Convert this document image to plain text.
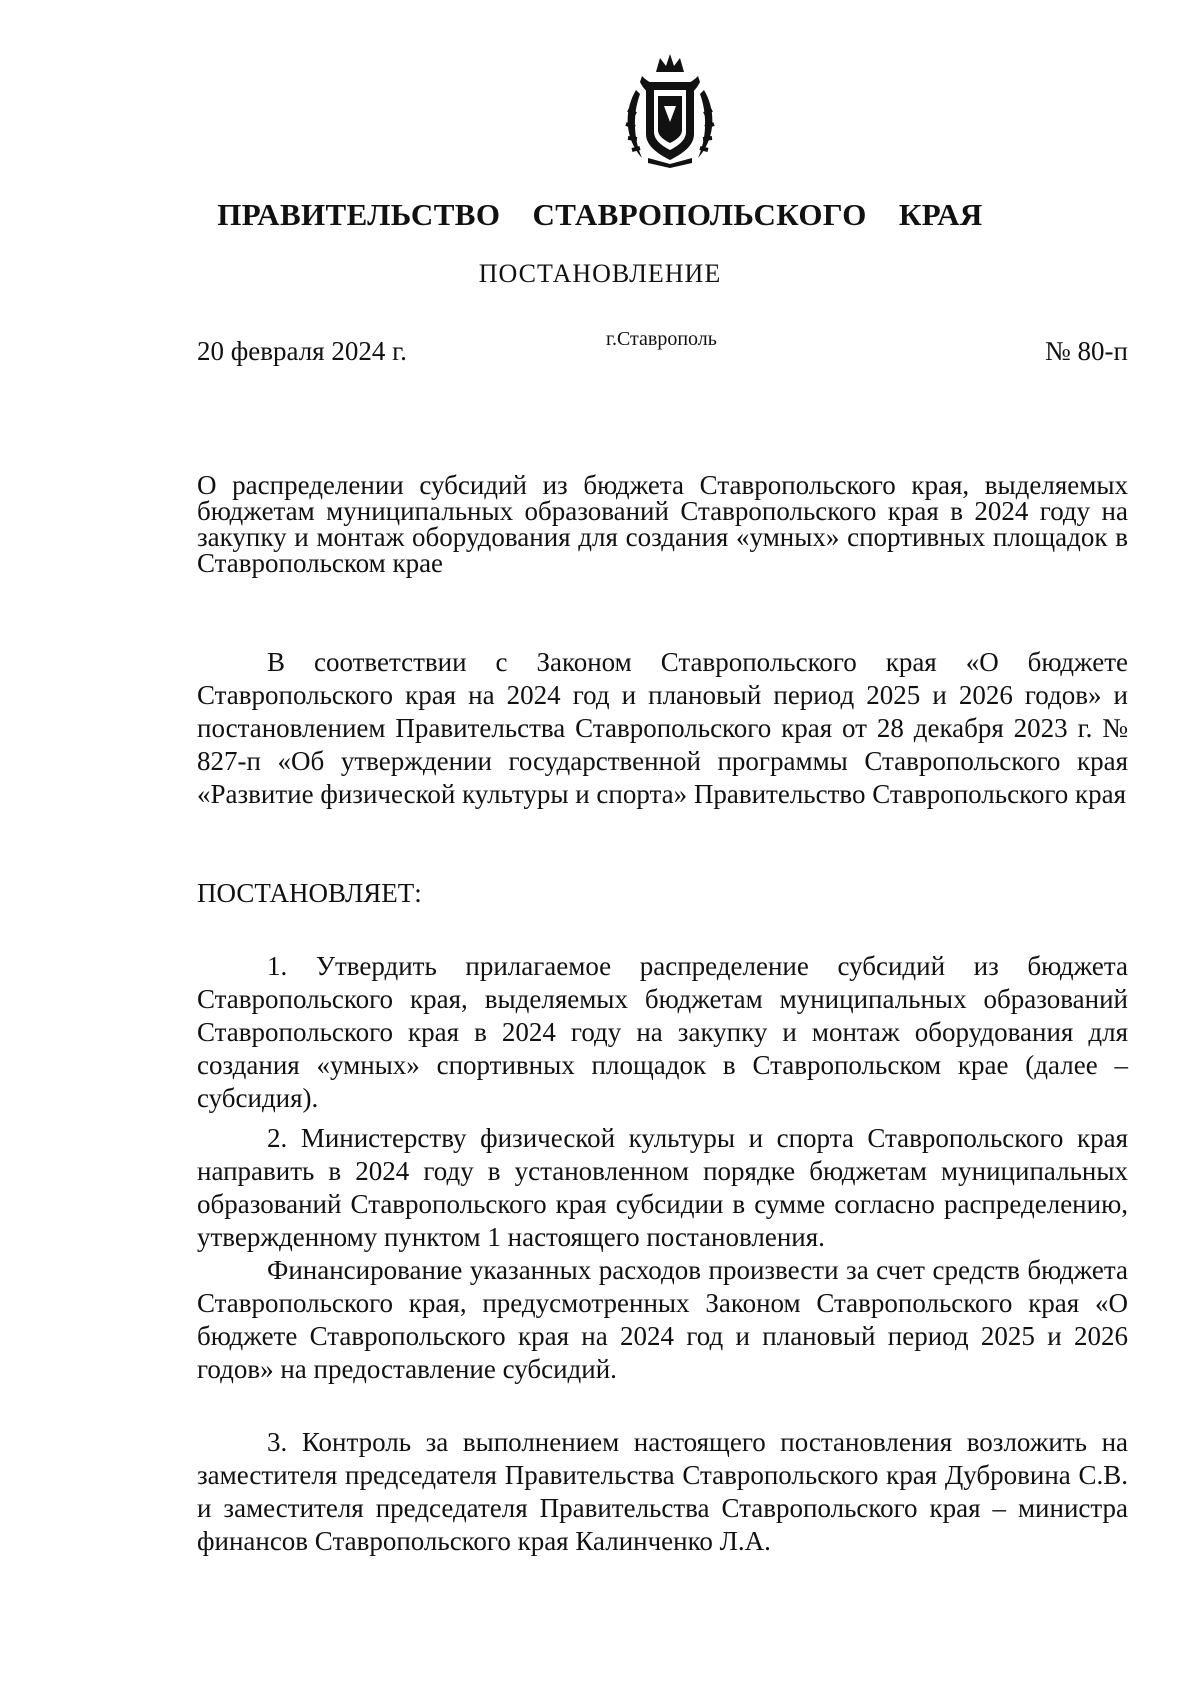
ПРАВИТЕЛЬСТВО СТАВРОПОЛЬСКОГО КРАЯ
ПОСТАНОВЛЕНИЕ
20 февраля 2024 г.	г.Ставрополь	№ 80-п
О распределении субсидий из бюджета Ставропольского края, выделяемых бюджетам муниципальных образований Ставропольского края в 2024 году на закупку и монтаж оборудования для создания «умных» спортивных площадок в Ставропольском крае

В соответствии с Законом Ставропольского края «О бюджете Ставропольского края на 2024 год и плановый период 2025 и 2026 годов» и постановлением Правительства Ставропольского края от 28 декабря 2023 г. № 827-п «Об утверждении государственной программы Ставропольского края «Развитие физической культуры и спорта» Правительство Ставропольского края

ПОСТАНОВЛЯЕТ:

1. Утвердить прилагаемое распределение субсидий из бюджета Ставропольского края, выделяемых бюджетам муниципальных образований Ставропольского края в 2024 году на закупку и монтаж оборудования для создания «умных» спортивных площадок в Ставропольском крае (далее – субсидия).

2. Министерству физической культуры и спорта Ставропольского края направить в 2024 году в установленном порядке бюджетам муниципальных образований Ставропольского края субсидии в сумме согласно распределению, утвержденному пунктом 1 настоящего постановления.

Финансирование указанных расходов произвести за счет средств бюджета Ставропольского края, предусмотренных Законом Ставропольского края «О бюджете Ставропольского края на 2024 год и плановый период 2025 и 2026 годов» на предоставление субсидий.

3. Контроль за выполнением настоящего постановления возложить на заместителя председателя Правительства Ставропольского края Дубровина С.В. и заместителя председателя Правительства Ставропольского края – министра финансов Ставропольского края Калинченко Л.А.
